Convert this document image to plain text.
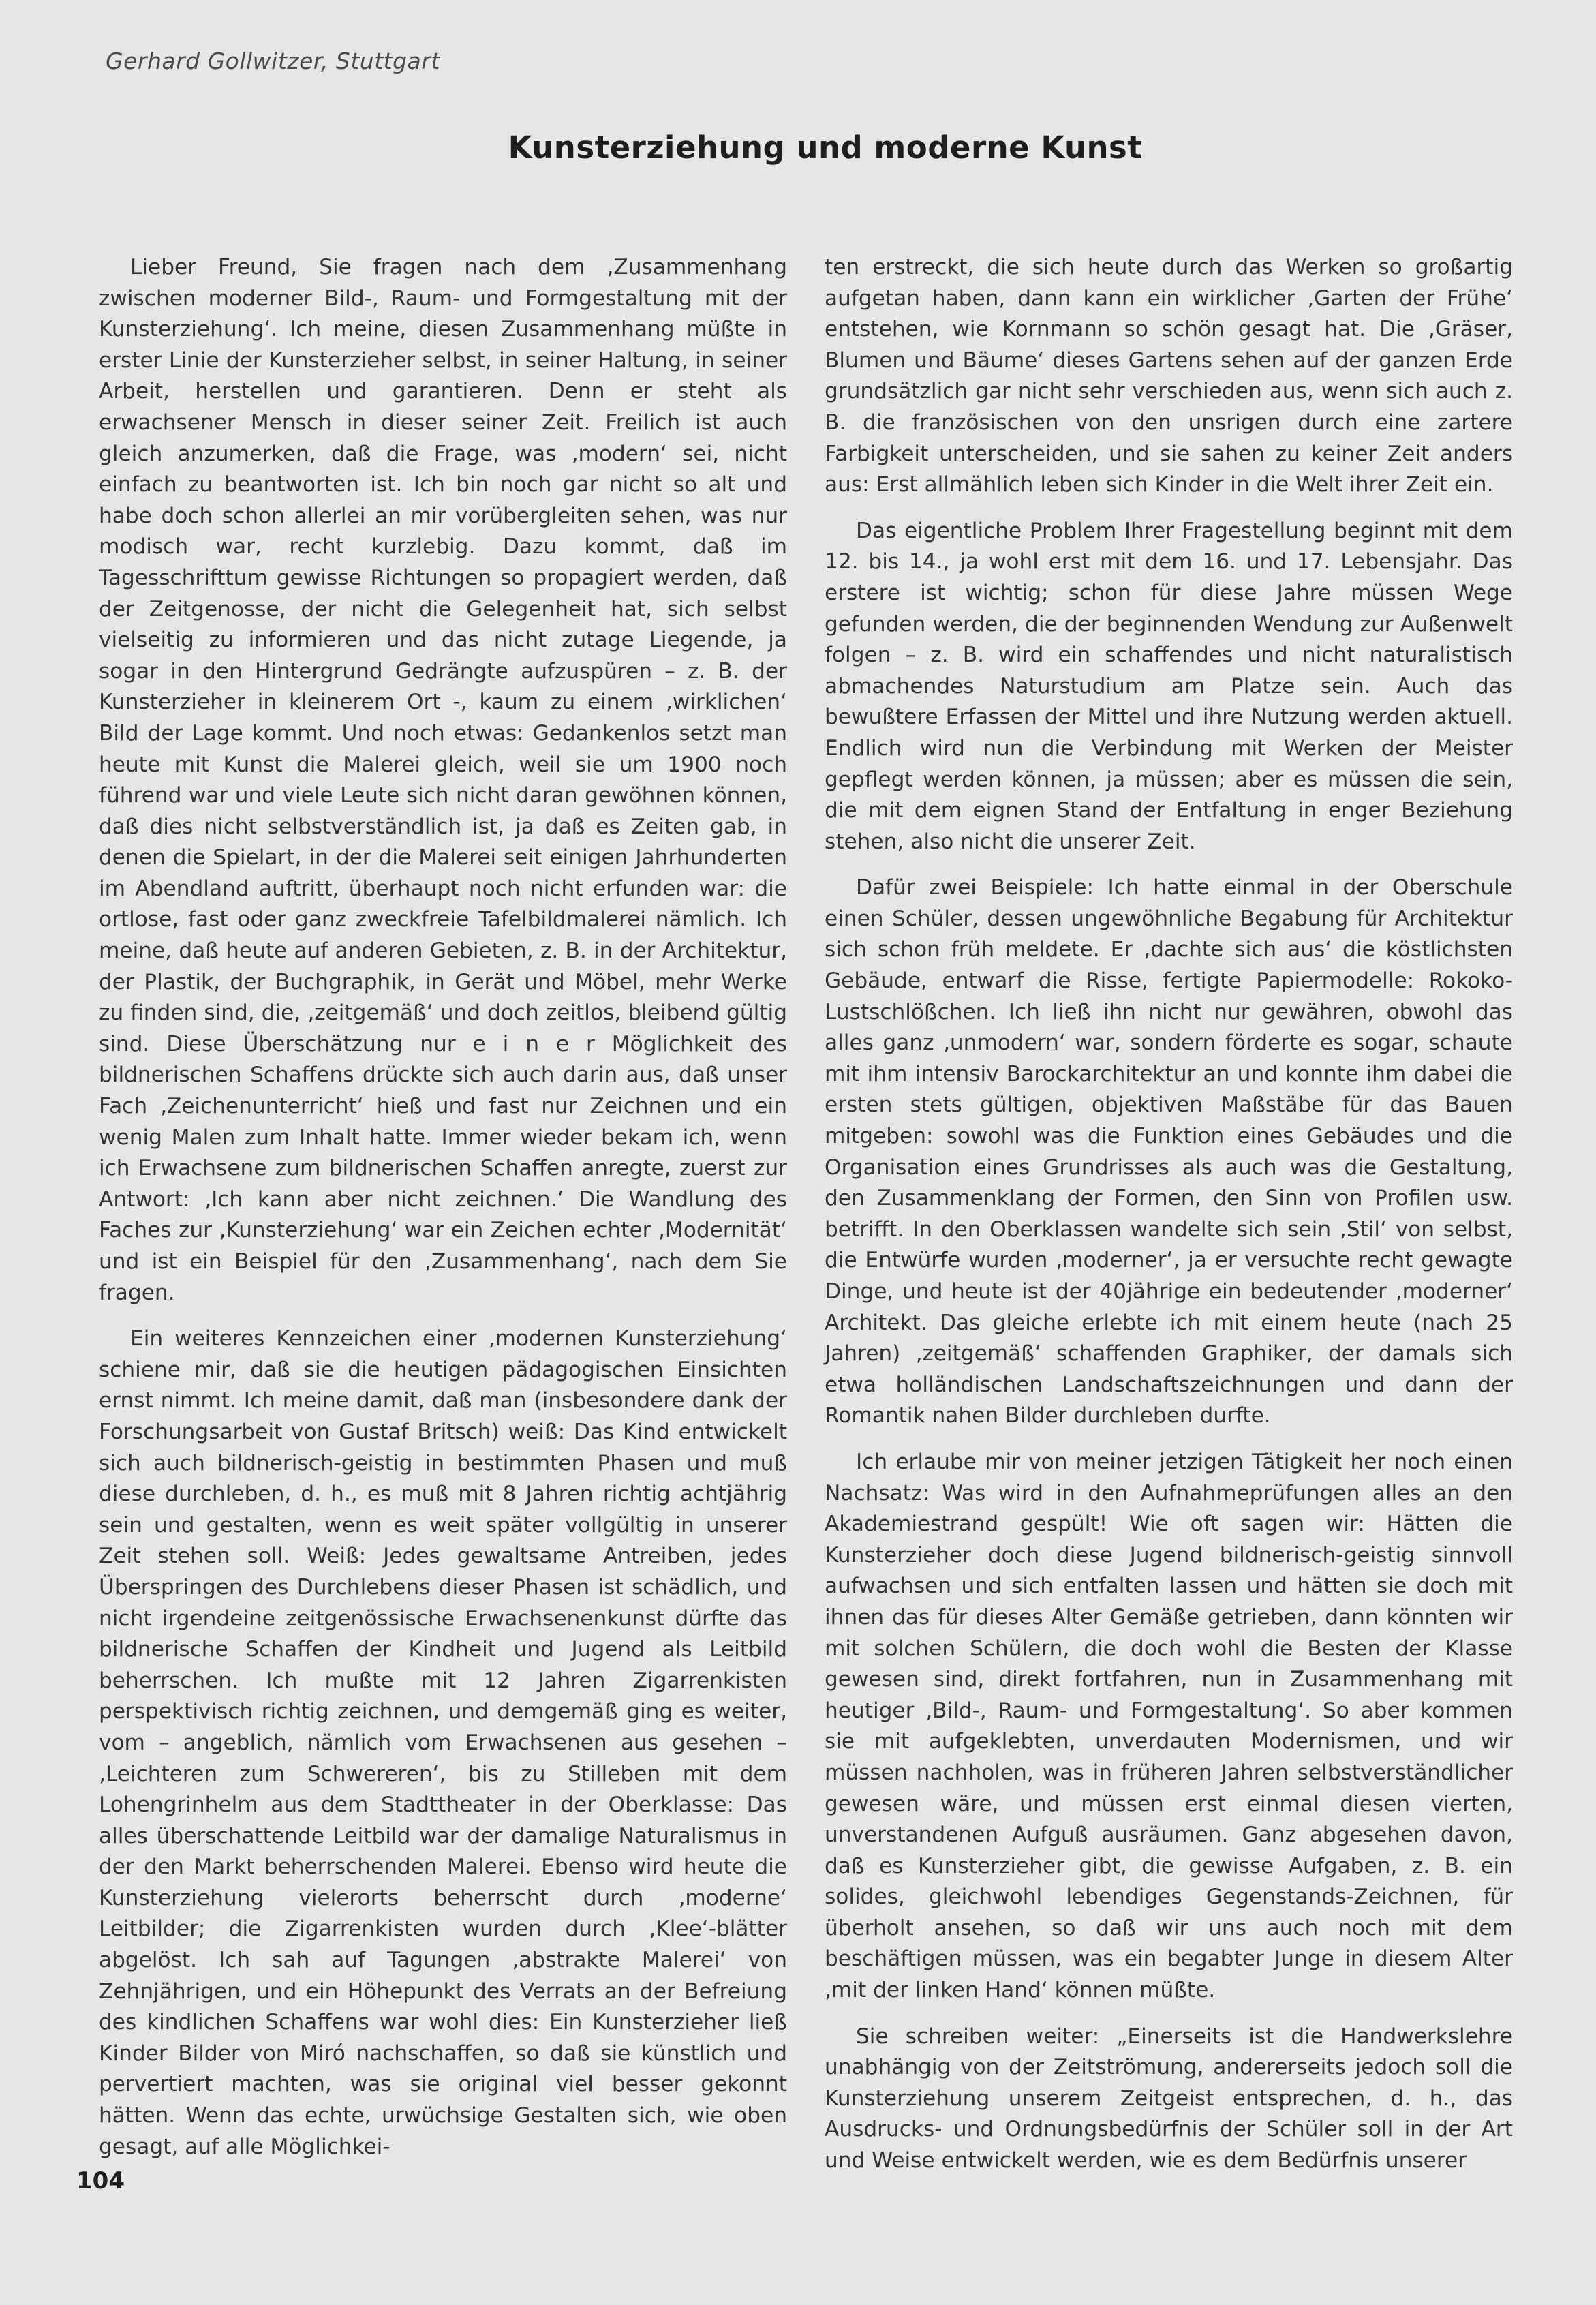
Gerhard Gollwitzer, Stuttgart
Kunsterziehung und moderne Kunst

Lieber Freund, Sie fragen nach dem ‚Zusammenhang zwischen moderner Bild-, Raum- und Formgestaltung mit der Kunsterziehung‘. Ich meine, diesen Zusammenhang müßte in erster Linie der Kunsterzieher selbst, in seiner Haltung, in seiner Arbeit, herstellen und garantieren. Denn er steht als erwachsener Mensch in dieser seiner Zeit. Freilich ist auch gleich anzumerken, daß die Frage, was ‚modern‘ sei, nicht einfach zu beantworten ist. Ich bin noch gar nicht so alt und habe doch schon allerlei an mir vorübergleiten sehen, was nur modisch war, recht kurzlebig. Dazu kommt, daß im Tagesschrifttum gewisse Richtungen so propagiert werden, daß der Zeitgenosse, der nicht die Gelegenheit hat, sich selbst vielseitig zu informieren und das nicht zutage Liegende, ja sogar in den Hintergrund Gedrängte aufzuspüren – z. B. der Kunsterzieher in kleinerem Ort -, kaum zu einem ‚wirklichen‘ Bild der Lage kommt. Und noch etwas: Gedankenlos setzt man heute mit Kunst die Malerei gleich, weil sie um 1900 noch führend war und viele Leute sich nicht daran gewöhnen können, daß dies nicht selbstverständlich ist, ja daß es Zeiten gab, in denen die Spielart, in der die Malerei seit einigen Jahrhunderten im Abendland auftritt, überhaupt noch nicht erfunden war: die ortlose, fast oder ganz zweckfreie Tafelbildmalerei nämlich. Ich meine, daß heute auf anderen Gebieten, z. B. in der Architektur, der Plastik, der Buchgraphik, in Gerät und Möbel, mehr Werke zu finden sind, die, ‚zeitgemäß‘ und doch zeitlos, bleibend gültig sind. Diese Überschätzung nur e i n e r Möglichkeit des bildnerischen Schaffens drückte sich auch darin aus, daß unser Fach ‚Zeichenunterricht‘ hieß und fast nur Zeichnen und ein wenig Malen zum Inhalt hatte. Immer wieder bekam ich, wenn ich Erwachsene zum bildnerischen Schaffen anregte, zuerst zur Antwort: ‚Ich kann aber nicht zeichnen.‘ Die Wandlung des Faches zur ‚Kunsterziehung‘ war ein Zeichen echter ‚Modernität‘ und ist ein Beispiel für den ‚Zusammenhang‘, nach dem Sie fragen.

Ein weiteres Kennzeichen einer ‚modernen Kunsterziehung‘ schiene mir, daß sie die heutigen pädagogischen Einsichten ernst nimmt. Ich meine damit, daß man (insbesondere dank der Forschungsarbeit von Gustaf Britsch) weiß: Das Kind entwickelt sich auch bildnerisch-geistig in bestimmten Phasen und muß diese durchleben, d. h., es muß mit 8 Jahren richtig achtjährig sein und gestalten, wenn es weit später vollgültig in unserer Zeit stehen soll. Weiß: Jedes gewaltsame Antreiben, jedes Überspringen des Durchlebens dieser Phasen ist schädlich, und nicht irgendeine zeitgenössische Erwachsenenkunst dürfte das bildnerische Schaffen der Kindheit und Jugend als Leitbild beherrschen. Ich mußte mit 12 Jahren Zigarrenkisten perspektivisch richtig zeichnen, und demgemäß ging es weiter, vom – angeblich, nämlich vom Erwachsenen aus gesehen – ‚Leichteren zum Schwereren‘, bis zu Stilleben mit dem Lohengrinhelm aus dem Stadttheater in der Oberklasse: Das alles überschattende Leitbild war der damalige Naturalismus in der den Markt beherrschenden Malerei. Ebenso wird heute die Kunsterziehung vielerorts beherrscht durch ‚moderne‘ Leitbilder; die Zigarrenkisten wurden durch ‚Klee‘-blätter abgelöst. Ich sah auf Tagungen ‚abstrakte Malerei‘ von Zehnjährigen, und ein Höhepunkt des Verrats an der Befreiung des kindlichen Schaffens war wohl dies: Ein Kunsterzieher ließ Kinder Bilder von Miró nachschaffen, so daß sie künstlich und pervertiert machten, was sie original viel besser gekonnt hätten. Wenn das echte, urwüchsige Gestalten sich, wie oben gesagt, auf alle Möglichkei-

ten erstreckt, die sich heute durch das Werken so großartig aufgetan haben, dann kann ein wirklicher ‚Garten der Frühe‘ entstehen, wie Kornmann so schön gesagt hat. Die ‚Gräser, Blumen und Bäume‘ dieses Gartens sehen auf der ganzen Erde grundsätzlich gar nicht sehr verschieden aus, wenn sich auch z. B. die französischen von den unsrigen durch eine zartere Farbigkeit unterscheiden, und sie sahen zu keiner Zeit anders aus: Erst allmählich leben sich Kinder in die Welt ihrer Zeit ein.

Das eigentliche Problem Ihrer Fragestellung beginnt mit dem 12. bis 14., ja wohl erst mit dem 16. und 17. Lebensjahr. Das erstere ist wichtig; schon für diese Jahre müssen Wege gefunden werden, die der beginnenden Wendung zur Außenwelt folgen – z. B. wird ein schaffendes und nicht naturalistisch abmachendes Naturstudium am Platze sein. Auch das bewußtere Erfassen der Mittel und ihre Nutzung werden aktuell. Endlich wird nun die Verbindung mit Werken der Meister gepflegt werden können, ja müssen; aber es müssen die sein, die mit dem eignen Stand der Entfaltung in enger Beziehung stehen, also nicht die unserer Zeit.

Dafür zwei Beispiele: Ich hatte einmal in der Oberschule einen Schüler, dessen ungewöhnliche Begabung für Architektur sich schon früh meldete. Er ‚dachte sich aus‘ die köstlichsten Gebäude, entwarf die Risse, fertigte Papiermodelle: Rokoko-Lustschlößchen. Ich ließ ihn nicht nur gewähren, obwohl das alles ganz ‚unmodern‘ war, sondern förderte es sogar, schaute mit ihm intensiv Barockarchitektur an und konnte ihm dabei die ersten stets gültigen, objektiven Maßstäbe für das Bauen mitgeben: sowohl was die Funktion eines Gebäudes und die Organisation eines Grundrisses als auch was die Gestaltung, den Zusammenklang der Formen, den Sinn von Profilen usw. betrifft. In den Oberklassen wandelte sich sein ‚Stil‘ von selbst, die Entwürfe wurden ‚moderner‘, ja er versuchte recht gewagte Dinge, und heute ist der 40jährige ein bedeutender ‚moderner‘ Architekt. Das gleiche erlebte ich mit einem heute (nach 25 Jahren) ‚zeitgemäß‘ schaffenden Graphiker, der damals sich etwa holländischen Landschaftszeichnungen und dann der Romantik nahen Bilder durchleben durfte.

Ich erlaube mir von meiner jetzigen Tätigkeit her noch einen Nachsatz: Was wird in den Aufnahmeprüfungen alles an den Akademiestrand gespült! Wie oft sagen wir: Hätten die Kunsterzieher doch diese Jugend bildnerisch-geistig sinnvoll aufwachsen und sich entfalten lassen und hätten sie doch mit ihnen das für dieses Alter Gemäße getrieben, dann könnten wir mit solchen Schülern, die doch wohl die Besten der Klasse gewesen sind, direkt fortfahren, nun in Zusammenhang mit heutiger ‚Bild-, Raum- und Formgestaltung‘. So aber kommen sie mit aufgeklebten, unverdauten Modernismen, und wir müssen nachholen, was in früheren Jahren selbstverständlicher gewesen wäre, und müssen erst einmal diesen vierten, unverstandenen Aufguß ausräumen. Ganz abgesehen davon, daß es Kunsterzieher gibt, die gewisse Aufgaben, z. B. ein solides, gleichwohl lebendiges Gegenstands-Zeichnen, für überholt ansehen, so daß wir uns auch noch mit dem beschäftigen müssen, was ein begabter Junge in diesem Alter ‚mit der linken Hand‘ können müßte.

Sie schreiben weiter: „Einerseits ist die Handwerkslehre unabhängig von der Zeitströmung, andererseits jedoch soll die Kunsterziehung unserem Zeitgeist entsprechen, d. h., das Ausdrucks- und Ordnungsbedürfnis der Schüler soll in der Art und Weise entwickelt werden, wie es dem Bedürfnis unserer

104
